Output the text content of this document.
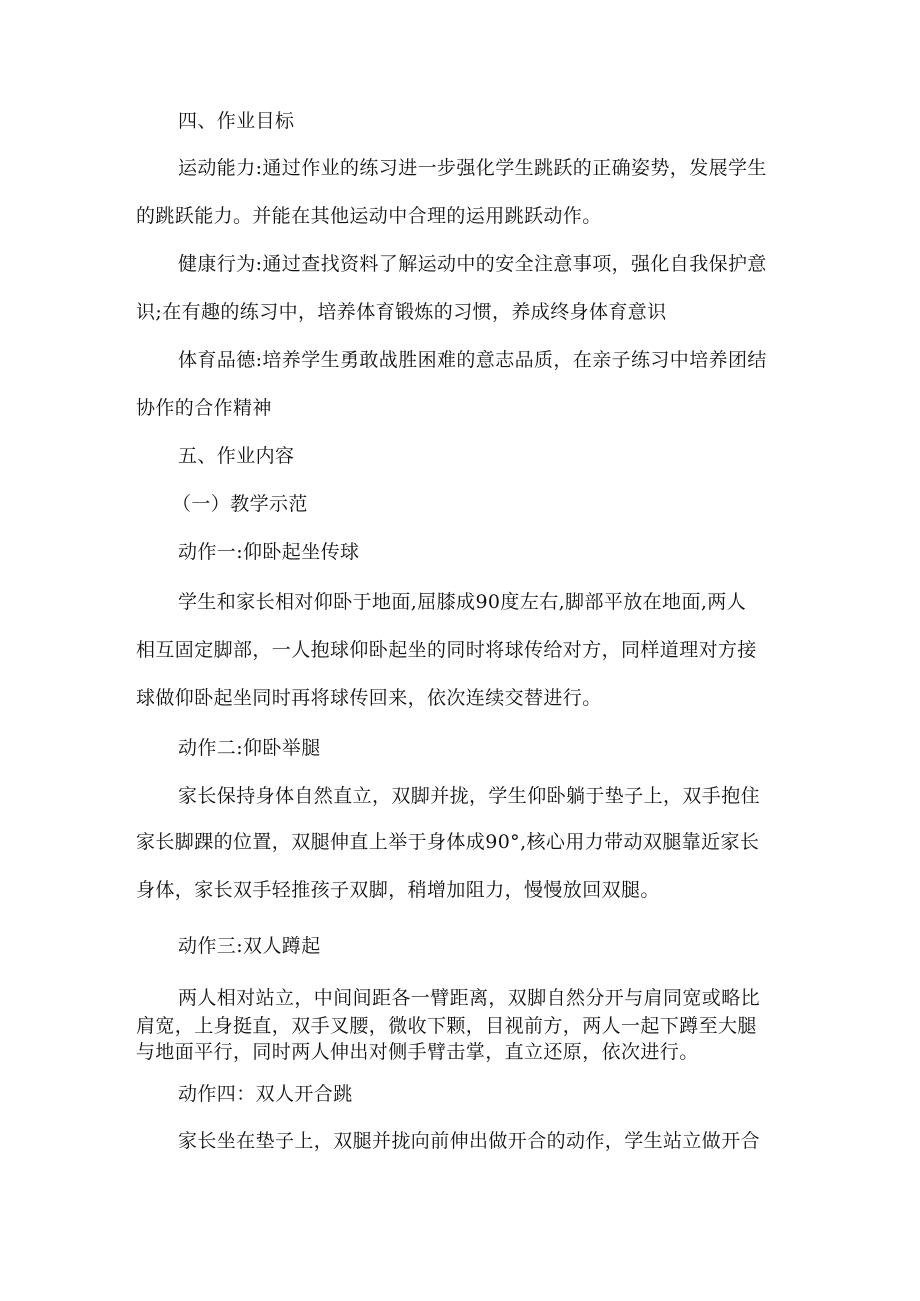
四、作业目标

运动能力:通过作业的练习进一步强化学生跳跃的正确姿势，发展学生

的跳跃能力。并能在其他运动中合理的运用跳跃动作。

健康行为:通过查找资料了解运动中的安全注意事项，强化自我保护意

识;在有趣的练习中，培养体育锻炼的习惯，养成终身体育意识

体育品德:培养学生勇敢战胜困难的意志品质，在亲子练习中培养团结

协作的合作精神

五、作业内容

（一）教学示范

动作一:仰卧起坐传球

学生和家长相对仰卧于地面,屈膝成90度左右,脚部平放在地面,两人

相互固定脚部，一人抱球仰卧起坐的同时将球传给对方，同样道理对方接

球做仰卧起坐同时再将球传回来，依次连续交替进行。

动作二:仰卧举腿

家长保持身体自然直立，双脚并拢，学生仰卧躺于垫子上，双手抱住

家长脚踝的位置，双腿伸直上举于身体成90°,核心用力带动双腿靠近家长

身体，家长双手轻推孩子双脚，稍增加阻力，慢慢放回双腿。

动作三:双人蹲起

两人相对站立，中间间距各一臂距离，双脚自然分开与肩同宽或略比

肩宽，上身挺直，双手叉腰，微收下颗，目视前方，两人一起下蹲至大腿

与地面平行，同时两人伸出对侧手臂击掌，直立还原，依次进行。

动作四：双人开合跳

家长坐在垫子上，双腿并拢向前伸出做开合的动作，学生站立做开合
